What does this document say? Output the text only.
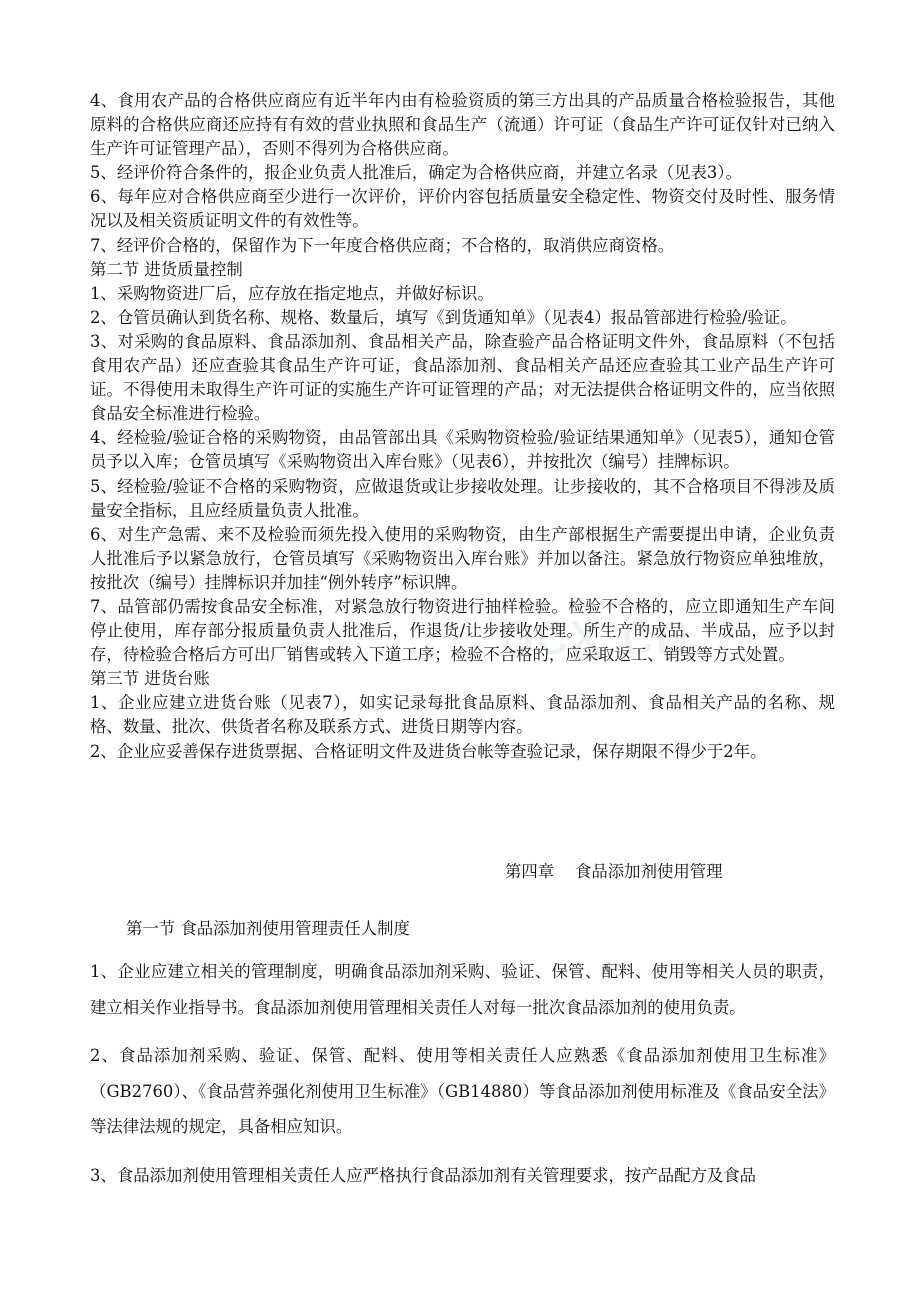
ocx.cn

4、食用农产品的合格供应商应有近半年内由有检验资质的第三方出具的产品质量合格检验报告，其他原料的合格供应商还应持有有效的营业执照和食品生产（流通）许可证（食品生产许可证仅针对已纳入生产许可证管理产品），否则不得列为合格供应商。

5、经评价符合条件的，报企业负责人批准后，确定为合格供应商，并建立名录（见表3）。

6、每年应对合格供应商至少进行一次评价，评价内容包括质量安全稳定性、物资交付及时性、服务情况以及相关资质证明文件的有效性等。

7、经评价合格的，保留作为下一年度合格供应商；不合格的，取消供应商资格。

第二节 进货质量控制

1、采购物资进厂后，应存放在指定地点，并做好标识。

2、仓管员确认到货名称、规格、数量后，填写《到货通知单》（见表4）报品管部进行检验/验证。

3、对采购的食品原料、食品添加剂、食品相关产品，除查验产品合格证明文件外，食品原料（不包括食用农产品）还应查验其食品生产许可证，食品添加剂、食品相关产品还应查验其工业产品生产许可证。不得使用未取得生产许可证的实施生产许可证管理的产品；对无法提供合格证明文件的，应当依照食品安全标准进行检验。

4、经检验/验证合格的采购物资，由品管部出具《采购物资检验/验证结果通知单》（见表5），通知仓管员予以入库；仓管员填写《采购物资出入库台账》（见表6），并按批次（编号）挂牌标识。

5、经检验/验证不合格的采购物资，应做退货或让步接收处理。让步接收的，其不合格项目不得涉及质量安全指标，且应经质量负责人批准。

6、对生产急需、来不及检验而须先投入使用的采购物资，由生产部根据生产需要提出申请，企业负责人批准后予以紧急放行，仓管员填写《采购物资出入库台账》并加以备注。紧急放行物资应单独堆放，按批次（编号）挂牌标识并加挂“例外转序”标识牌。

7、品管部仍需按食品安全标准，对紧急放行物资进行抽样检验。检验不合格的，应立即通知生产车间停止使用，库存部分报质量负责人批准后，作退货/让步接收处理。所生产的成品、半成品，应予以封存，待检验合格后方可出厂销售或转入下道工序；检验不合格的，应采取返工、销毁等方式处置。

第三节 进货台账

1、企业应建立进货台账（见表7），如实记录每批食品原料、食品添加剂、食品相关产品的名称、规格、数量、批次、供货者名称及联系方式、进货日期等内容。

2、企业应妥善保存进货票据、合格证明文件及进货台帐等查验记录，保存期限不得少于2年。

第四章    食品添加剂使用管理
第一节 食品添加剂使用管理责任人制度

1、企业应建立相关的管理制度，明确食品添加剂采购、验证、保管、配料、使用等相关人员的职责，建立相关作业指导书。食品添加剂使用管理相关责任人对每一批次食品添加剂的使用负责。

2、食品添加剂采购、验证、保管、配料、使用等相关责任人应熟悉《食品添加剂使用卫生标准》（GB2760）、《食品营养强化剂使用卫生标准》（GB14880）等食品添加剂使用标准及《食品安全法》等法律法规的规定，具备相应知识。

3、食品添加剂使用管理相关责任人应严格执行食品添加剂有关管理要求，按产品配方及食品
